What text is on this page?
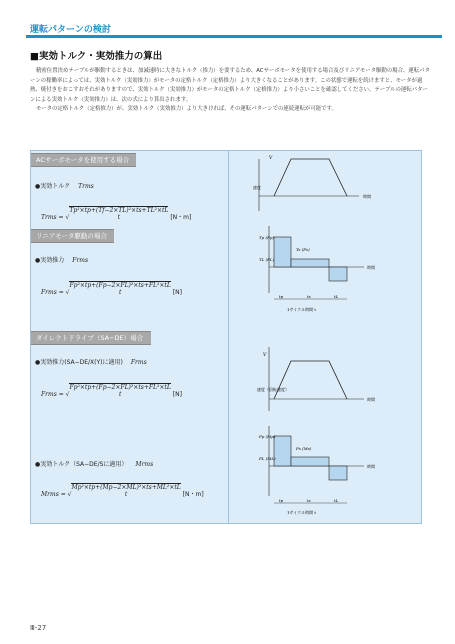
運転パターンの検討
■実効トルク・実効推力の算出

精密位置決めテーブルが駆動するときは、加減速時に大きなトルク（推力）を要するため、ACサーボモータを使用する場合及びリニアモータ駆動の場合、運転パターンの稼働率によっては、実効トルク（実効推力）がモータの定格トルク（定格推力）より大きくなることがあります。この状態で運転を続けますと、モータが過熱、焼付きをおこすおそれがありますので、実効トルク（実効推力）がモータの定格トルク（定格推力）より小さいことを確認してください。テーブルの運転パターンによる実効トルク（実効推力）は、次の式により算出されます。

モータの定格トルク（定格推力）が、実効トルク（実効推力）より大きければ、その運転パターンでの連続運転が可能です。

ACサーボモータを使用する場合
●実効トルク Trms
Trms = √
Tp²×tp+(Tf−2×TL)²×ts+TL²×tL
t	[N・m]
リニアモータ駆動の場合
●実効推力 Frms
Frms = √
Fp²×tp+(Fp−2×FL)²×ts+FL²×tL
t	[N]
ダイレクトドライブ（SA−DE）場合
●実効推力(SA−DE/X(Y)に適用) Frms
Frms = √
Fp²×tp+(Fp−2×FL)²×ts+FL²×tL
t	[N]
●実効トルク（SA−DE/Sに適用） Mrms
Mrms = √
Mp²×tp+(Mp−2×ML)²×ts+ML²×tL
t	[N・m]
V
速度
時間
時間
Tp (Fp)
TL (FL)
Ts (Fs)
tp	ts	tL
1サイクル時間 t
V
速度（回転速度）
時間
時間
Fp (Mp)
FL (ML)
Fs (Ms)
tp	ts	tL
1サイクル時間 t
Ⅲ-27
